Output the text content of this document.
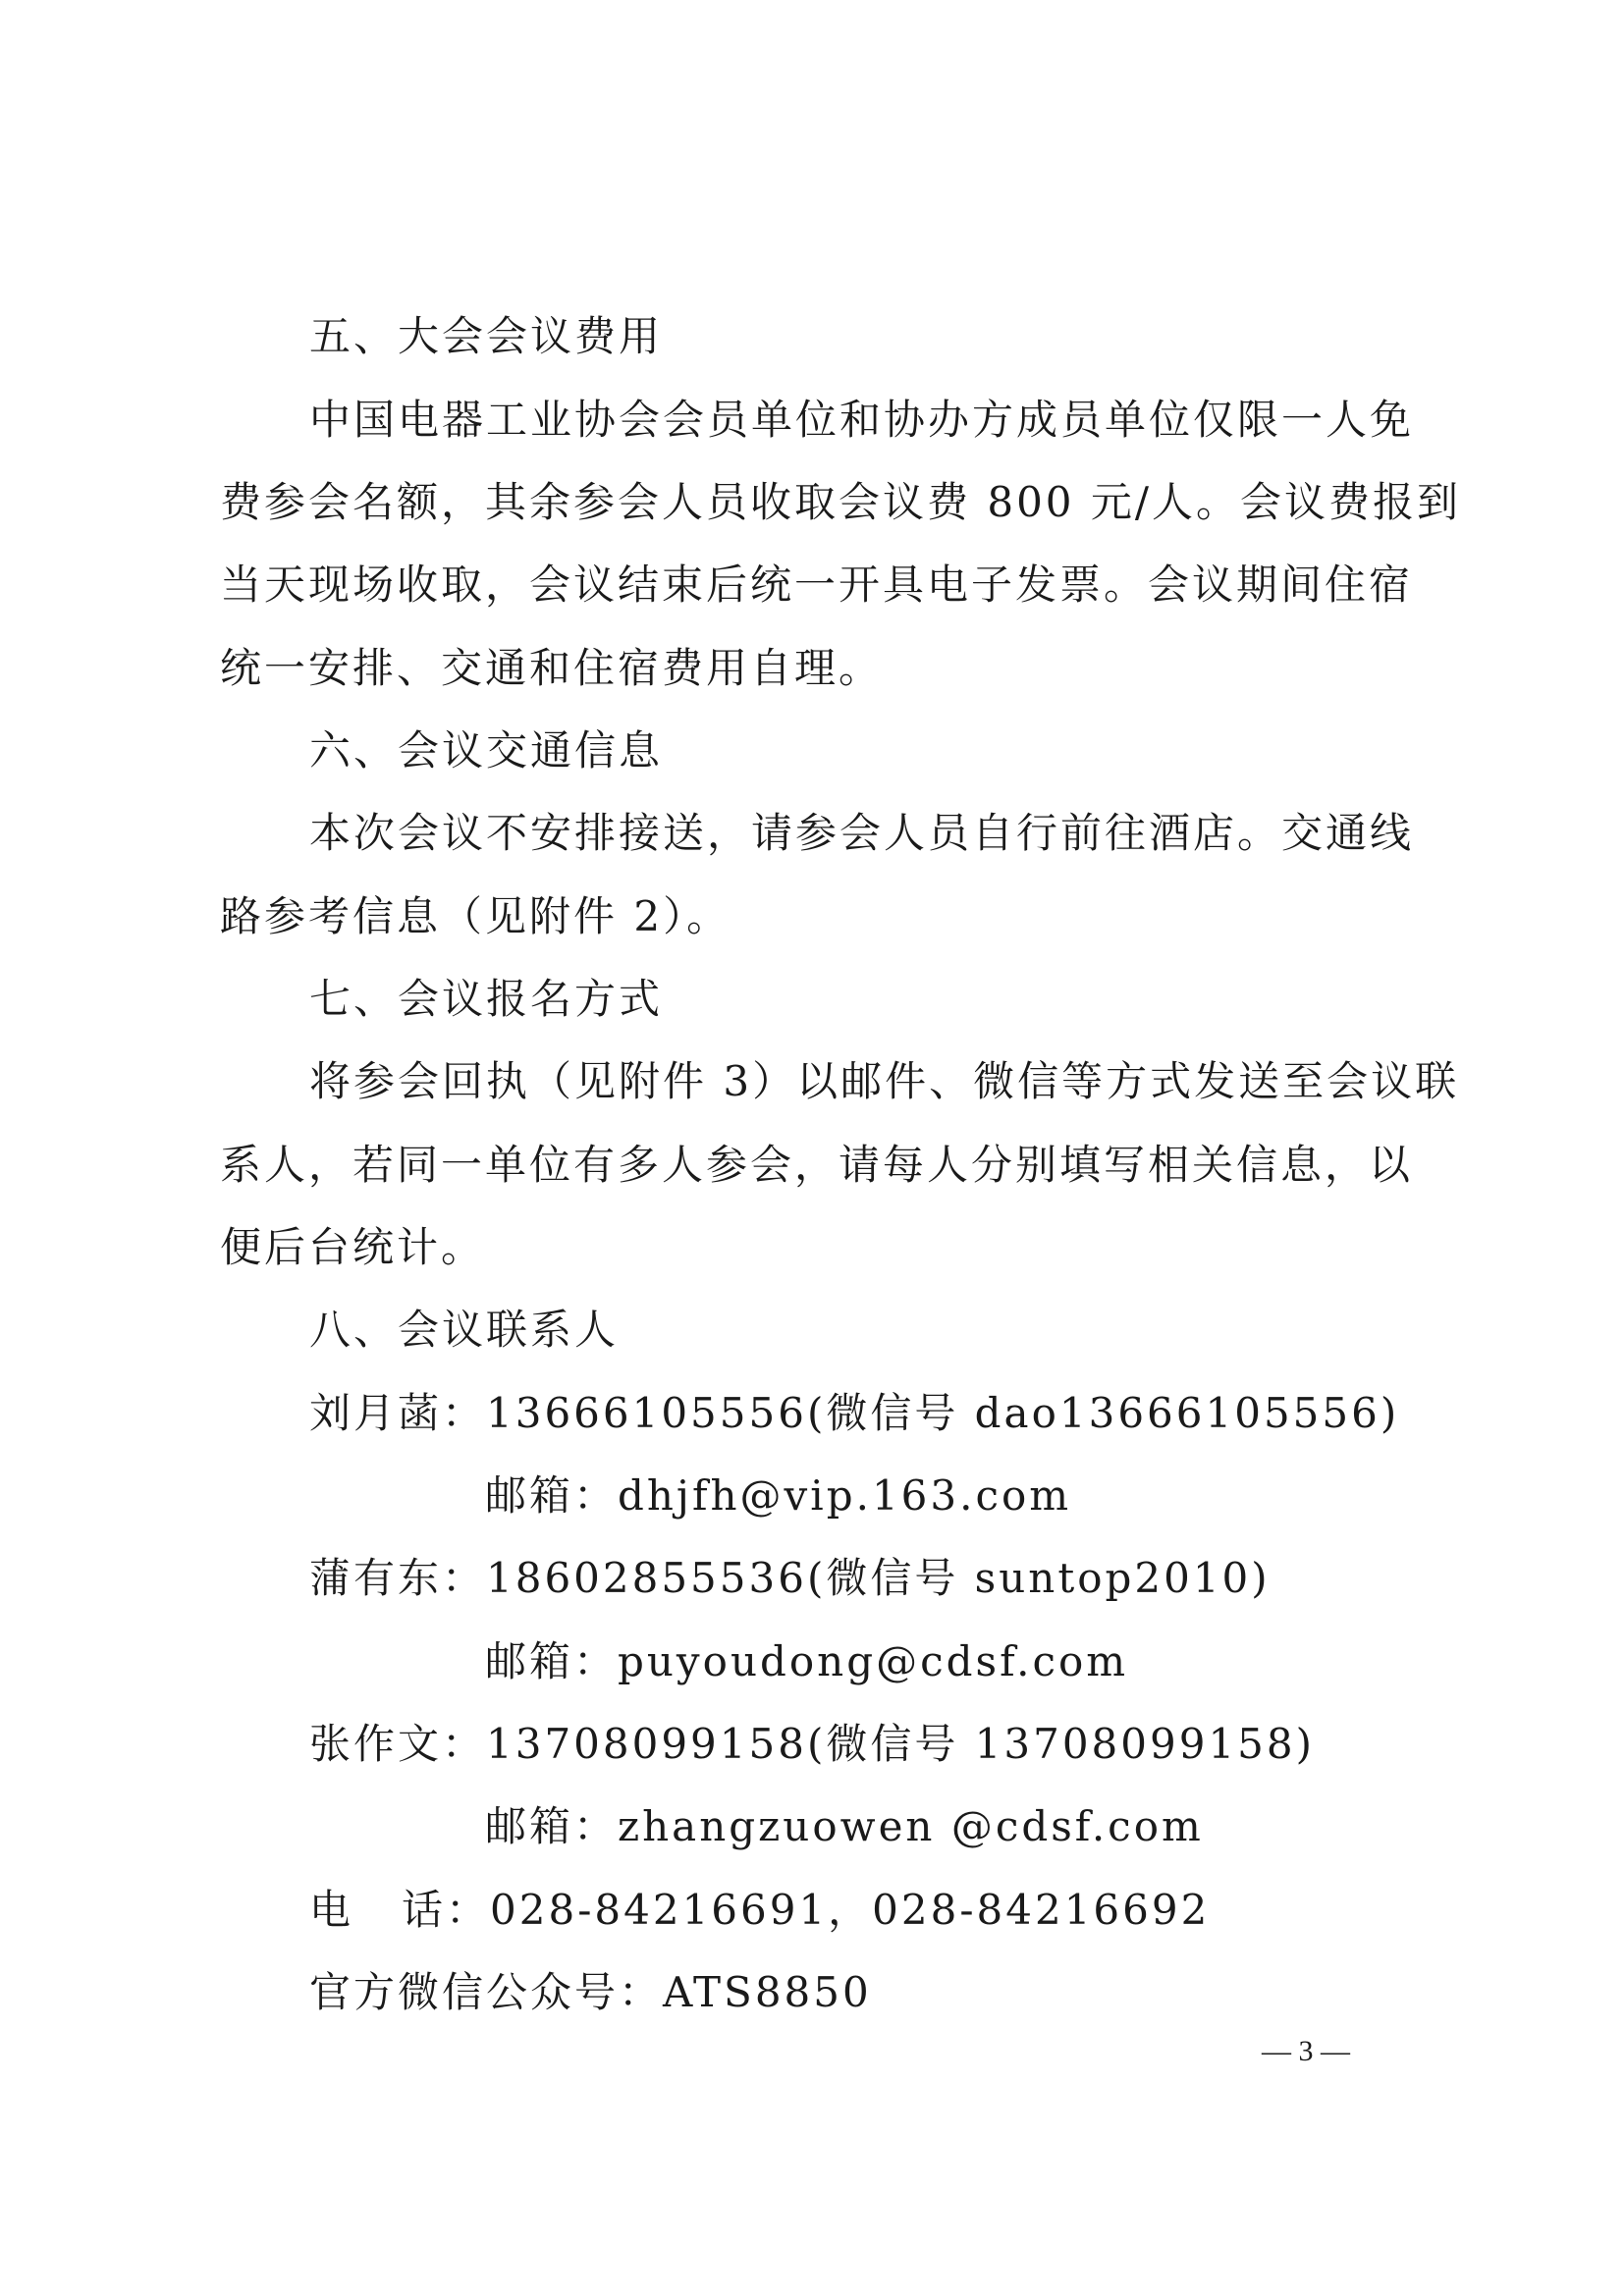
五、大会会议费用
中国电器工业协会会员单位和协办方成员单位仅限一人免
费参会名额，其余参会人员收取会议费 800 元/人。会议费报到
当天现场收取，会议结束后统一开具电子发票。会议期间住宿
统一安排、交通和住宿费用自理。
六、会议交通信息
本次会议不安排接送，请参会人员自行前往酒店。交通线
路参考信息（见附件 2）。
七、会议报名方式
将参会回执（见附件 3）以邮件、微信等方式发送至会议联
系人，若同一单位有多人参会，请每人分别填写相关信息，以
便后台统计。
八、会议联系人
刘月菡：13666105556(微信号 dao13666105556)
邮箱：dhjfh@vip.163.com
蒲有东：18602855536(微信号 suntop2010)
邮箱：puyoudong@cdsf.com
张作文：13708099158(微信号 13708099158)
邮箱：zhangzuowen @cdsf.com
电   话：028-84216691，028-84216692
官方微信公众号：ATS8850
— 3 —
